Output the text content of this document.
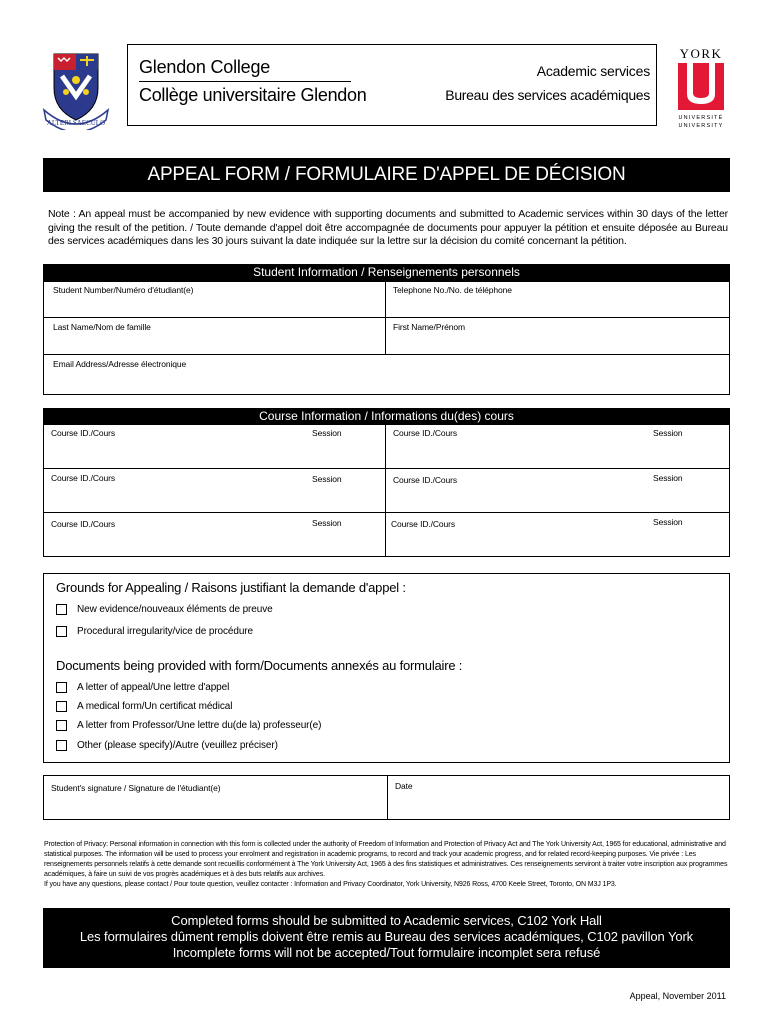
ALTERI SAECULO
Glendon College
Collège universitaire Glendon
Academic services
Bureau des services académiques
YORK
UNIVERSITÉ
UNIVERSITY
APPEAL FORM / FORMULAIRE D'APPEL DE DÉCISION
Note : An appeal must be accompanied by new evidence with supporting documents and submitted to Academic services within 30 days of the letter giving the result of the petition. / Toute demande d'appel doit être accompagnée de documents pour appuyer la pétition et ensuite déposée au Bureau des services académiques dans les 30 jours suivant la date indiquée sur la lettre sur la décision du comité concernant la pétition.
Student Information / Renseignements personnels
Student Number/Numéro d'étudiant(e)	Telephone No./No. de téléphone
Last Name/Nom de famille	First Name/Prénom
Email Address/Adresse électronique
Course Information / Informations du(des) cours
Course ID./Cours	Session	Course ID./Cours	Session
Course ID./Cours	Session	Course ID./Cours	Session
Course ID./Cours	Session	Course ID./Cours	Session
Grounds for Appealing / Raisons justifiant la demande d'appel :
New evidence/nouveaux éléments de preuve
Procedural irregularity/vice de procédure
Documents being provided with form/Documents annexés au formulaire :
A letter of appeal/Une lettre d'appel
A medical form/Un certificat médical
A letter from Professor/Une lettre du(de la) professeur(e)
Other (please specify)/Autre (veuillez préciser)
Student's signature / Signature de l'étudiant(e)	Date
Protection of Privacy: Personal information in connection with this form is collected under the authority of Freedom of Information and Protection of Privacy Act and The York University Act, 1965 for educational, administrative and statistical purposes. The information will be used to process your enrolment and registration in academic programs, to record and track your academic progress, and for related record-keeping purposes. Vie privée : Les renseignements personnels relatifs à cette demande sont recueillis conformément à The York University Act, 1965 à des fins statistiques et administratives. Ces renseignements serviront à traiter votre inscription aux programmes académiques, à faire un suivi de vos progrès académiques et à des buts relatifs aux archives.
If you have any questions, please contact / Pour toute question, veuillez contacter : Information and Privacy Coordinator, York University, N926 Ross, 4700 Keele Street, Toronto, ON M3J 1P3.
Completed forms should be submitted to Academic services, C102 York Hall
Les formulaires dûment remplis doivent être remis au Bureau des services académiques, C102 pavillon York
Incomplete forms will not be accepted/Tout formulaire incomplet sera refusé
Appeal, November 2011
